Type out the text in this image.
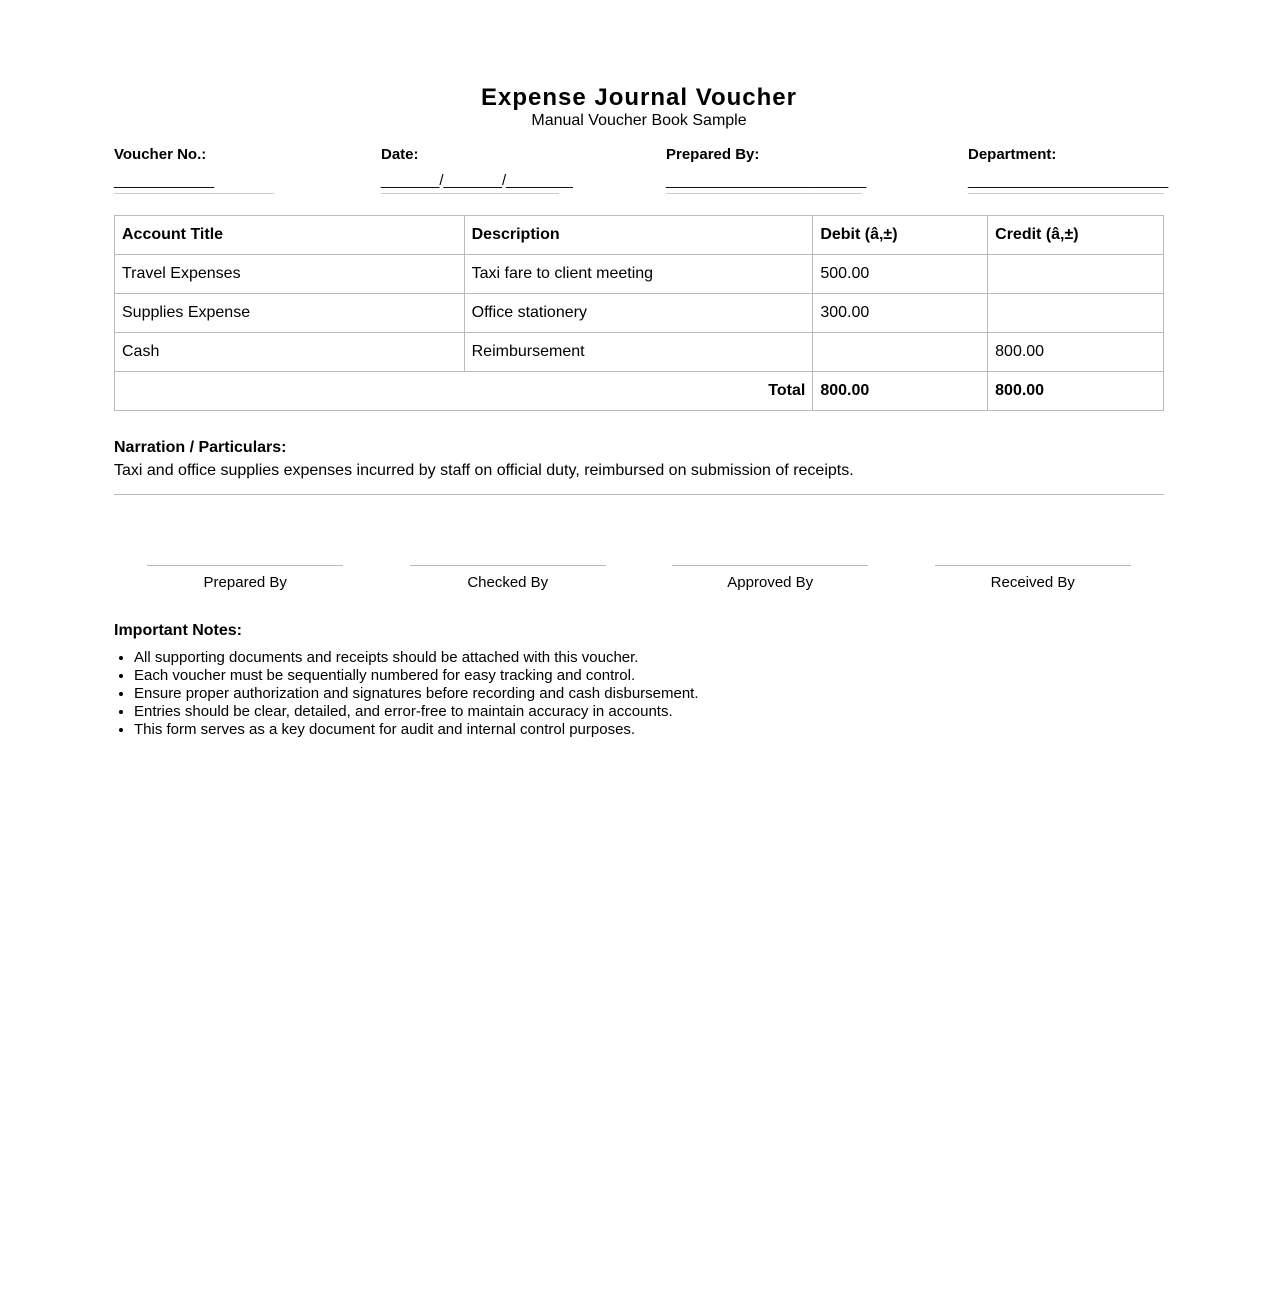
Expense Journal Voucher
Manual Voucher Book Sample
Voucher No.:
____________
Date:
_______/_______/________
Prepared By:
________________________
Department:
________________________
Account Title	Description	Debit (â‚±)	Credit (â‚±)
Travel Expenses	Taxi fare to client meeting	500.00	
Supplies Expense	Office stationery	300.00	
Cash	Reimbursement		800.00
Total		800.00	800.00
Narration / Particulars:
Taxi and office supplies expenses incurred by staff on official duty, reimbursed on submission of receipts.
Prepared By	Checked By	Approved By	Received By
Important Notes:
• All supporting documents and receipts should be attached with this voucher.
• Each voucher must be sequentially numbered for easy tracking and control.
• Ensure proper authorization and signatures before recording and cash disbursement.
• Entries should be clear, detailed, and error-free to maintain accuracy in accounts.
• This form serves as a key document for audit and internal control purposes.
